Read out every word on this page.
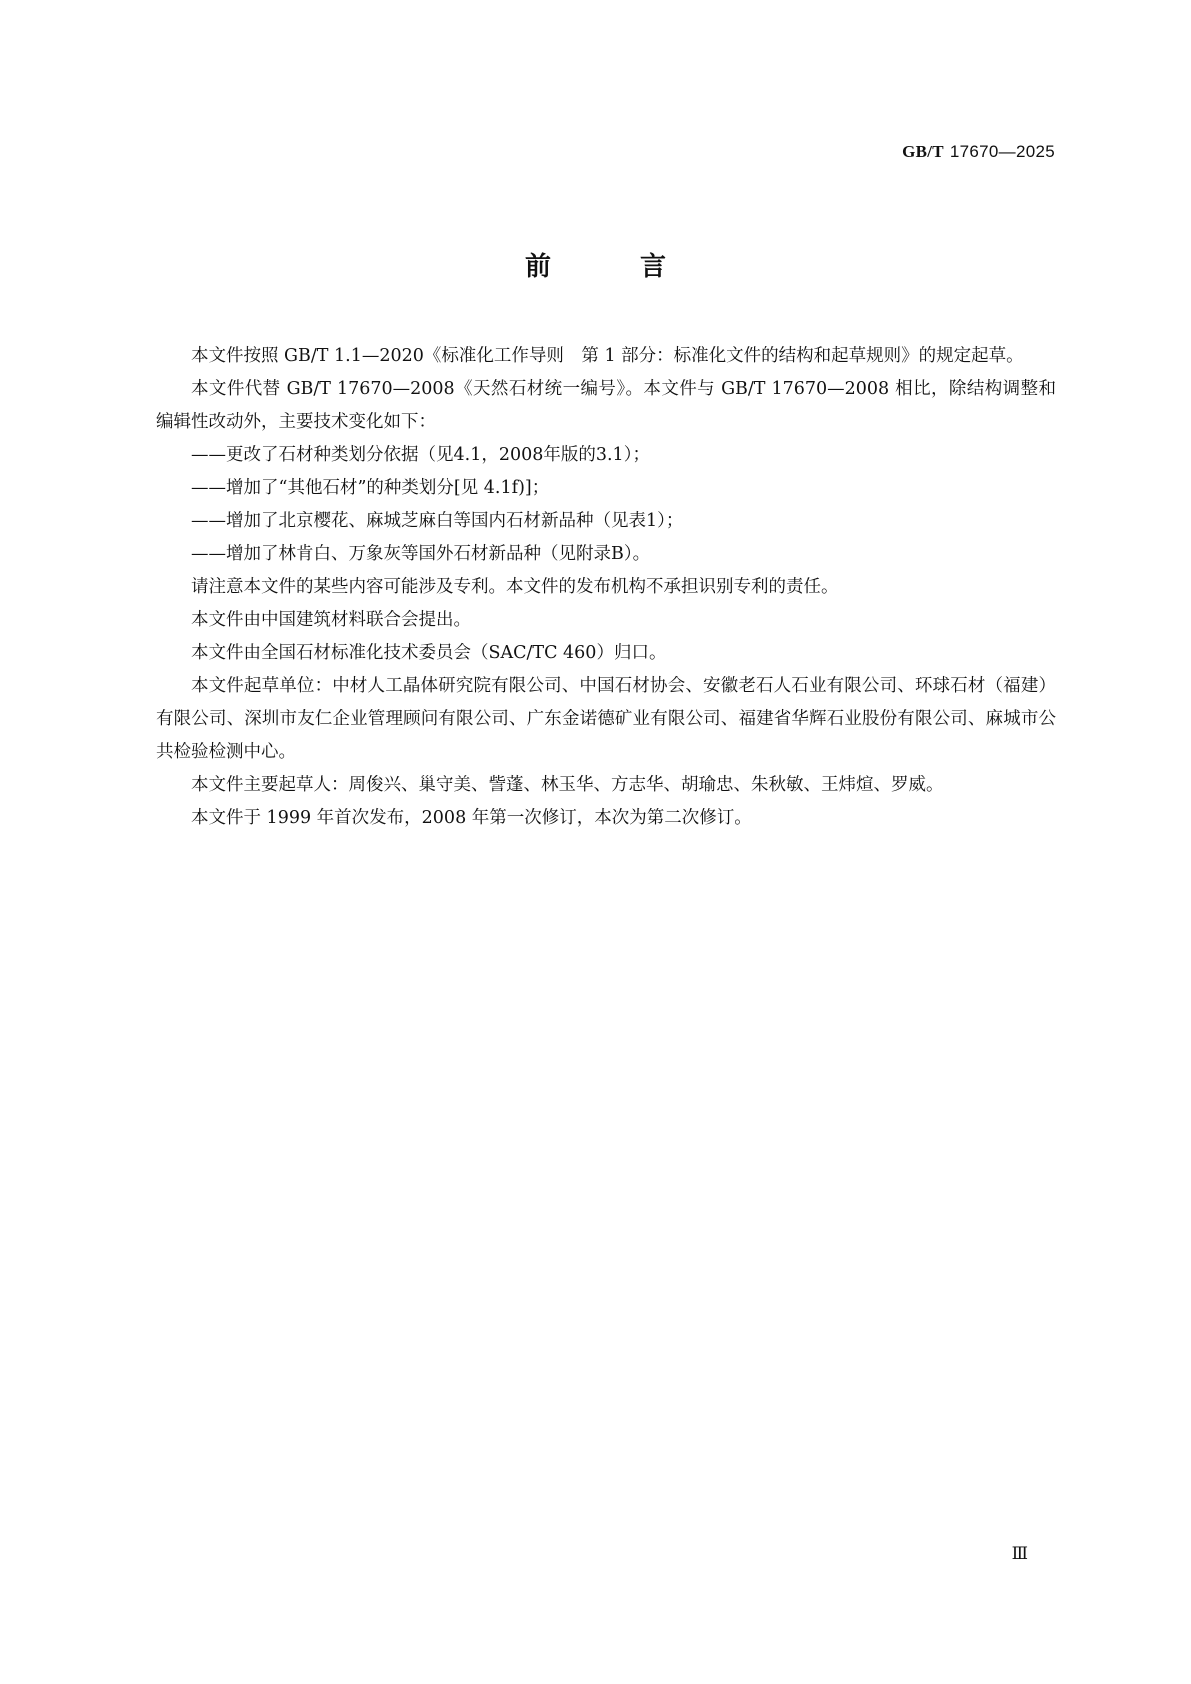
GB/T 17670—2025
前 言

本文件按照 GB/T 1.1—2020《标准化工作导则　第 1 部分：标准化文件的结构和起草规则》的规定起草。

本文件代替 GB/T 17670—2008《天然石材统一编号》。本文件与 GB/T 17670—2008 相比，除结构调整和编辑性改动外，主要技术变化如下：

——更改了石材种类划分依据（见4.1，2008年版的3.1）；

——增加了“其他石材”的种类划分[见 4.1f)]；

——增加了北京樱花、麻城芝麻白等国内石材新品种（见表1）；

——增加了林肯白、万象灰等国外石材新品种（见附录B）。

请注意本文件的某些内容可能涉及专利。本文件的发布机构不承担识别专利的责任。

本文件由中国建筑材料联合会提出。

本文件由全国石材标准化技术委员会（SAC/TC 460）归口。

本文件起草单位：中材人工晶体研究院有限公司、中国石材协会、安徽老石人石业有限公司、环球石材（福建）有限公司、深圳市友仁企业管理顾问有限公司、广东金诺德矿业有限公司、福建省华辉石业股份有限公司、麻城市公共检验检测中心。

本文件主要起草人：周俊兴、巢守美、訾蓬、林玉华、方志华、胡瑜忠、朱秋敏、王炜煊、罗威。

本文件于 1999 年首次发布，2008 年第一次修订，本次为第二次修订。

Ⅲ
